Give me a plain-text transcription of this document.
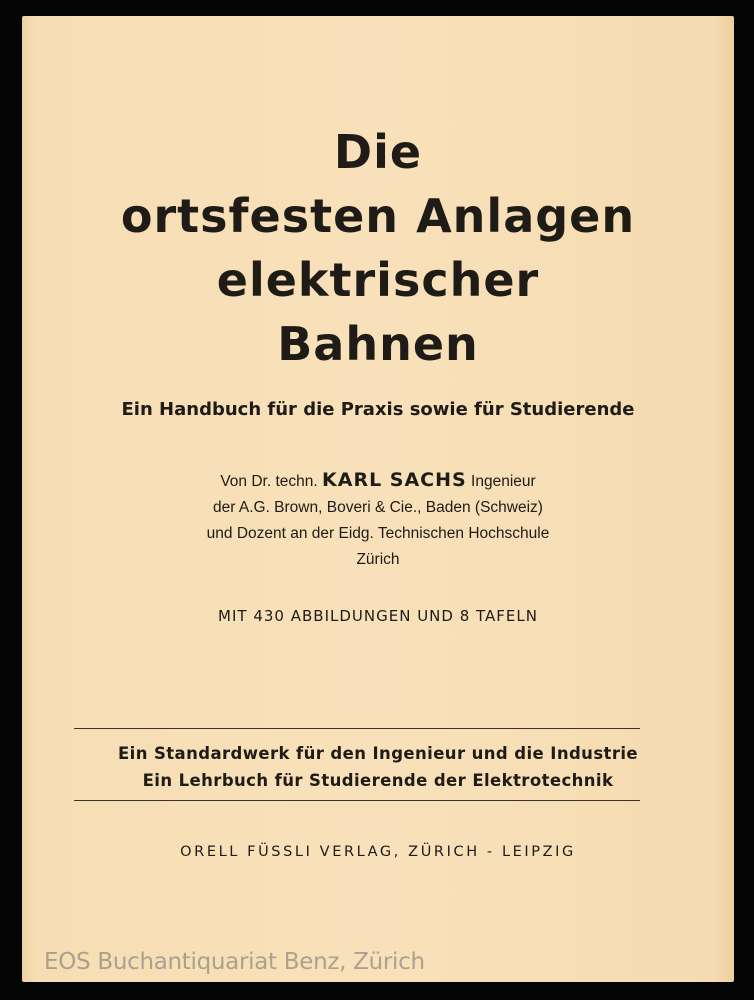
Die
ortsfesten Anlagen
elektrischer
Bahnen
Ein Handbuch für die Praxis sowie für Studierende
Von Dr. techn. KARL SACHS Ingenieur
der A.G. Brown, Boveri & Cie., Baden (Schweiz)
und Dozent an der Eidg. Technischen Hochschule
Zürich
MIT 430 ABBILDUNGEN UND 8 TAFELN
Ein Standardwerk für den Ingenieur und die Industrie
Ein Lehrbuch für Studierende der Elektrotechnik
ORELL FÜSSLI VERLAG, ZÜRICH - LEIPZIG
EOS Buchantiquariat Benz, Zürich
